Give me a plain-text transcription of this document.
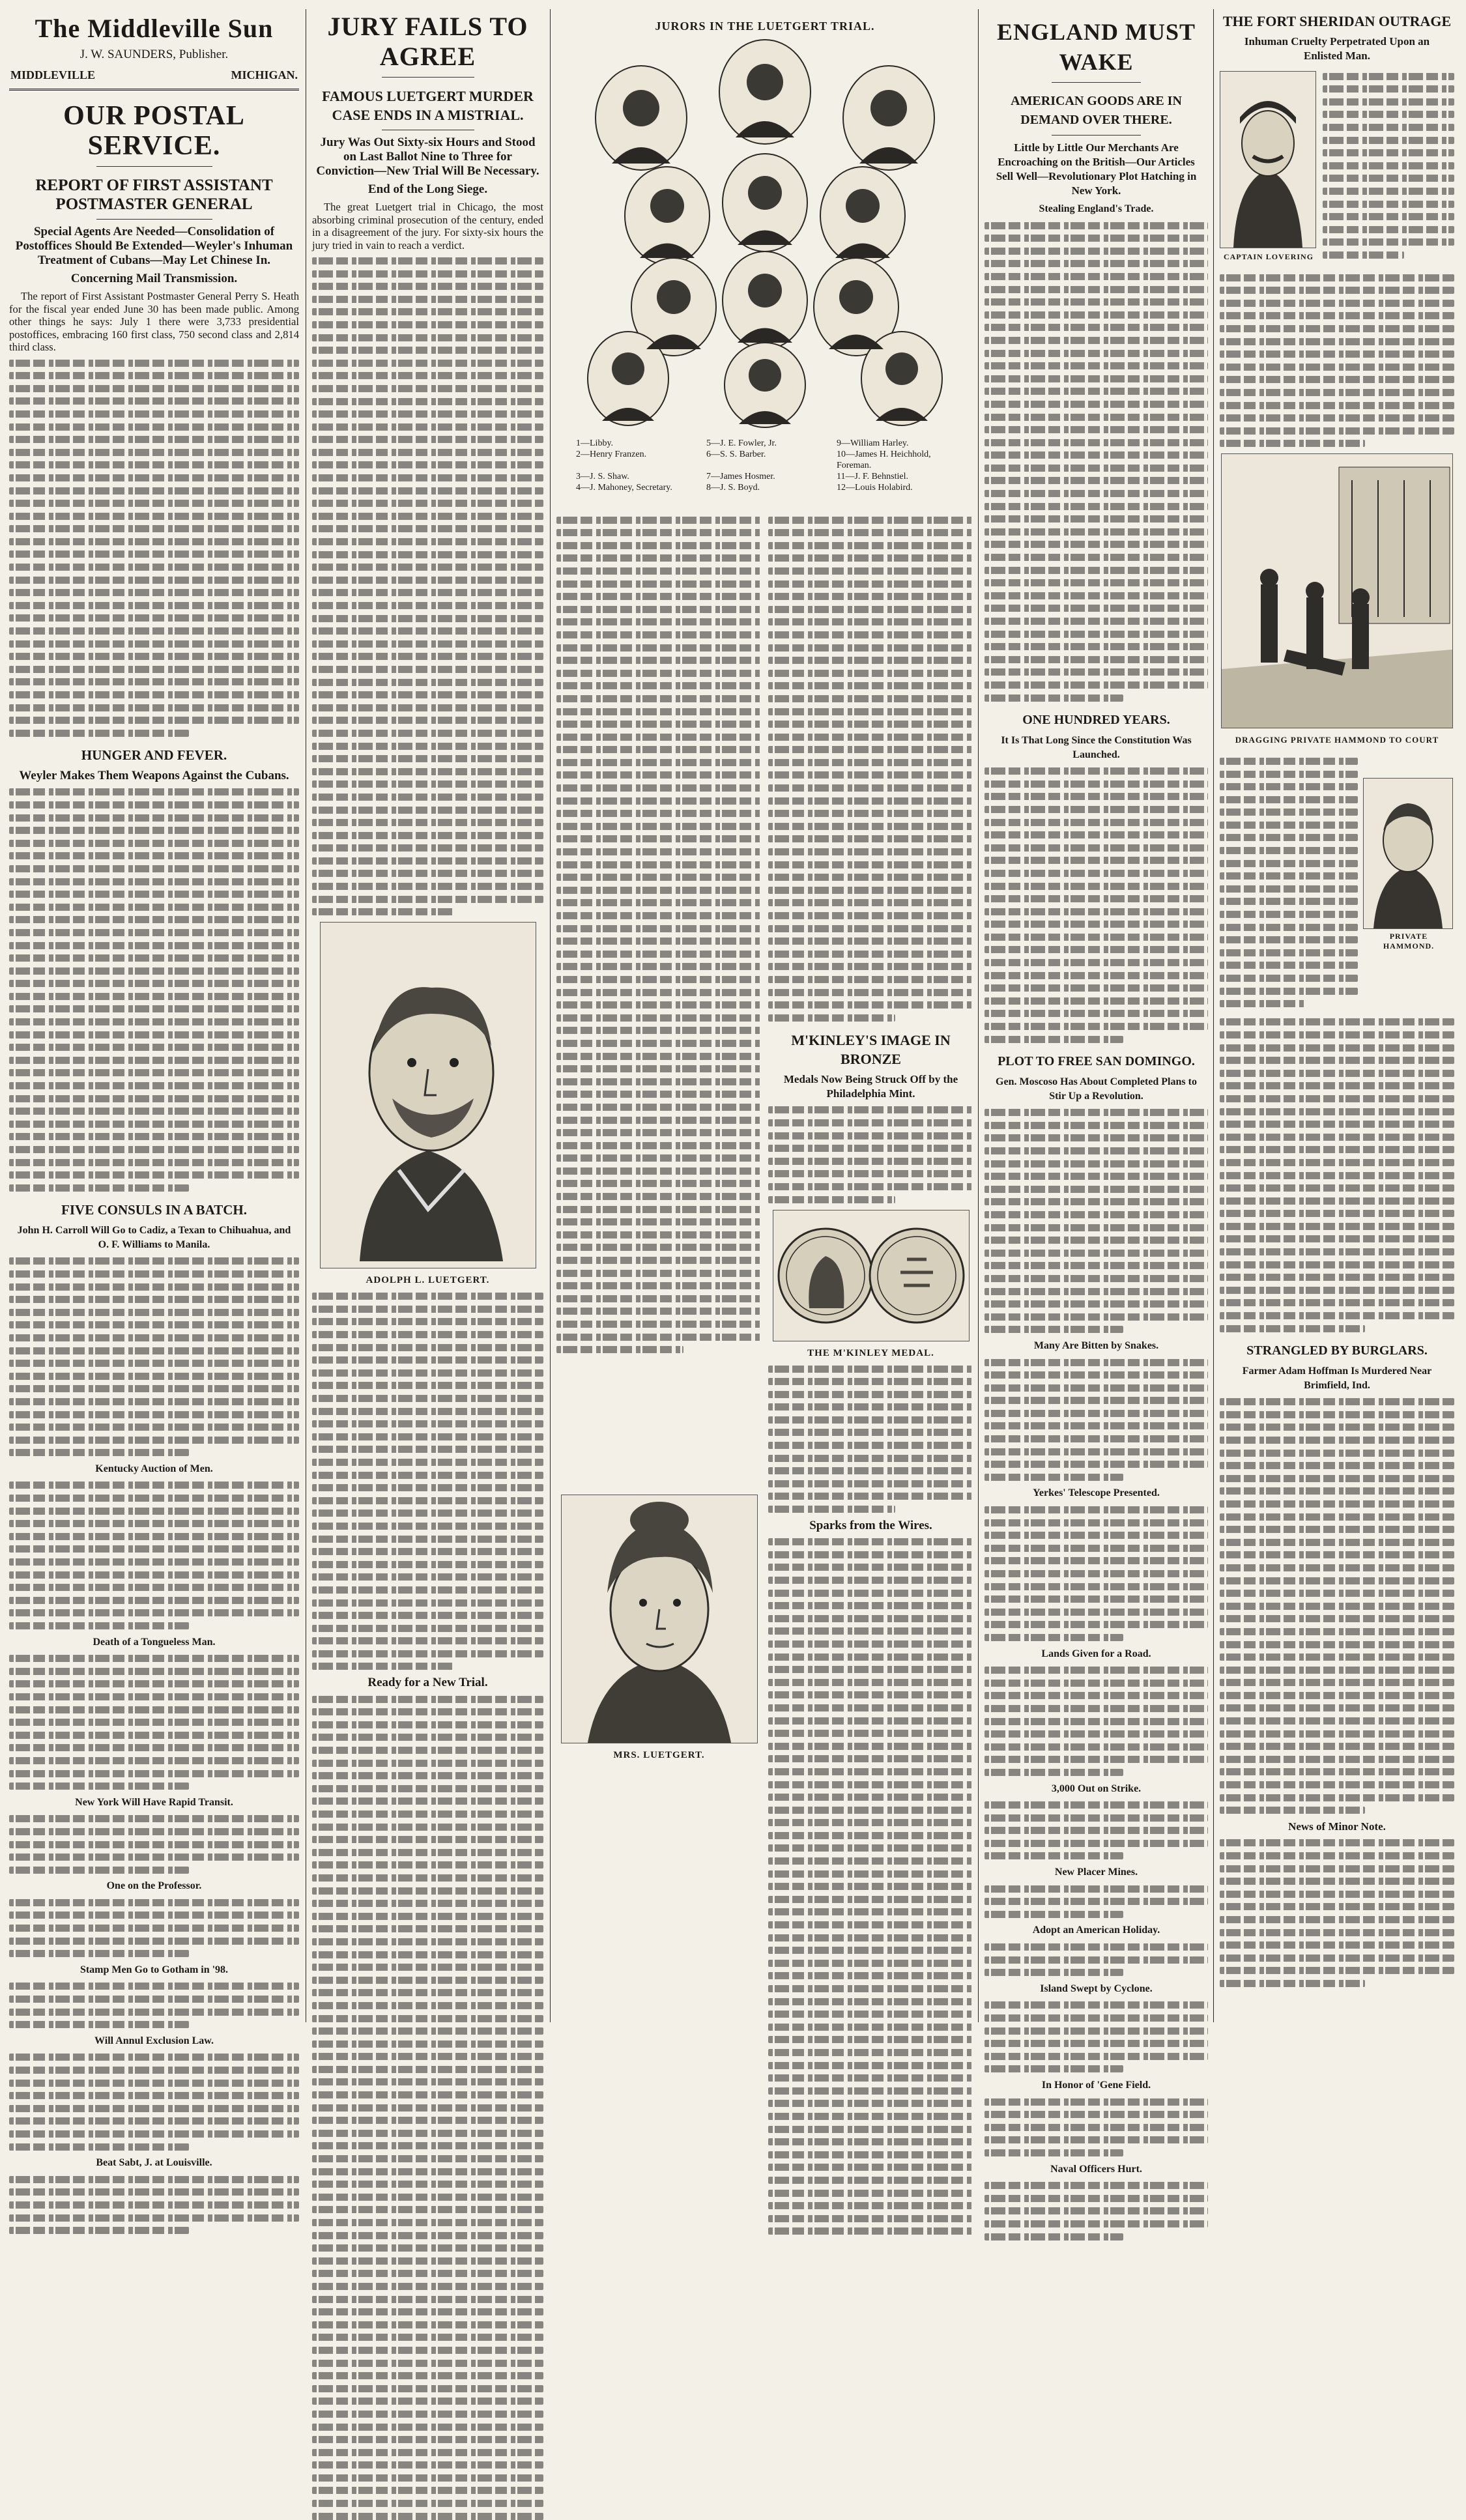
The Middleville Sun
J. W. SAUNDERS, Publisher.
MIDDLEVILLE	MICHIGAN.
OUR POSTAL SERVICE.
REPORT OF FIRST ASSISTANT POSTMASTER GENERAL
Special Agents Are Needed—Consolidation of Postoffices Should Be Extended—Weyler's Inhuman Treatment of Cubans—May Let Chinese In.
Concerning Mail Transmission.

The report of First Assistant Postmaster General Perry S. Heath for the fiscal year ended June 30 has been made public. Among other things he says: July 1 there were 3,733 presidential postoffices, embracing 160 first class, 750 second class and 2,814 third class.

HUNGER AND FEVER.
Weyler Makes Them Weapons Against the Cubans.
FIVE CONSULS IN A BATCH.
John H. Carroll Will Go to Cadiz, a Texan to Chihuahua, and O. F. Williams to Manila.
Kentucky Auction of Men.
Death of a Tongueless Man.
New York Will Have Rapid Transit.
One on the Professor.
Stamp Men Go to Gotham in '98.
Will Annul Exclusion Law.
Beat Sabt, J. at Louisville.
JURY FAILS TO AGREE
FAMOUS LUETGERT MURDER CASE ENDS IN A MISTRIAL.
Jury Was Out Sixty-six Hours and Stood on Last Ballot Nine to Three for Conviction—New Trial Will Be Necessary.
End of the Long Siege.

The great Luetgert trial in Chicago, the most absorbing criminal prosecution of the century, ended in a disagreement of the jury. For sixty-six hours the jury tried in vain to reach a verdict.

ADOLPH L. LUETGERT.
Ready for a New Trial.
JURORS IN THE LUETGERT TRIAL.
1—Libby.	5—J. E. Fowler, Jr.	9—William Harley.
2—Henry Franzen.	6—S. S. Barber.	10—James H. Heichhold, Foreman.
3—J. S. Shaw.	7—James Hosmer.	11—J. F. Behnstiel.
4—J. Mahoney, Secretary.	8—J. S. Boyd.	12—Louis Holabird.
MRS. LUETGERT.
M'KINLEY'S IMAGE IN BRONZE
Medals Now Being Struck Off by the Philadelphia Mint.
THE M'KINLEY MEDAL.
Sparks from the Wires.
ENGLAND MUST WAKE
AMERICAN GOODS ARE IN DEMAND OVER THERE.
Little by Little Our Merchants Are Encroaching on the British—Our Articles Sell Well—Revolutionary Plot Hatching in New York.
Stealing England's Trade.
ONE HUNDRED YEARS.
It Is That Long Since the Constitution Was Launched.
PLOT TO FREE SAN DOMINGO.
Gen. Moscoso Has About Completed Plans to Stir Up a Revolution.
Many Are Bitten by Snakes.
Yerkes' Telescope Presented.
Lands Given for a Road.
3,000 Out on Strike.
New Placer Mines.
Adopt an American Holiday.
Island Swept by Cyclone.
In Honor of 'Gene Field.
Naval Officers Hurt.
THE FORT SHERIDAN OUTRAGE
Inhuman Cruelty Perpetrated Upon an Enlisted Man.
CAPTAIN LOVERING
DRAGGING PRIVATE HAMMOND TO COURT
PRIVATE HAMMOND.
STRANGLED BY BURGLARS.
Farmer Adam Hoffman Is Murdered Near Brimfield, Ind.
News of Minor Note.
